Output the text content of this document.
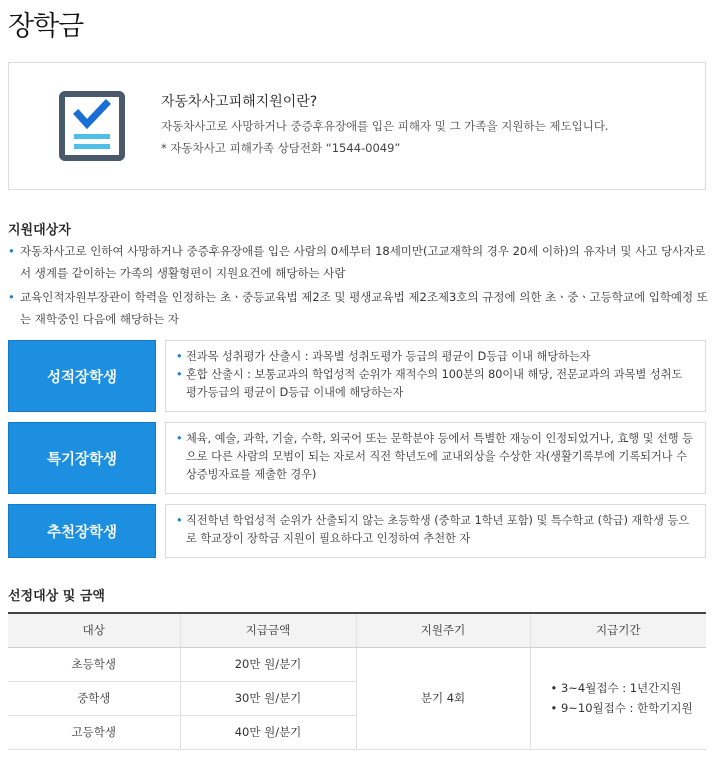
장학금
자동차사고피해지원이란?
자동차사고로 사망하거나 중증후유장애를 입은 피해자 및 그 가족을 지원하는 제도입니다.
* 자동차사고 피해가족 상담전화 “1544-0049”
지원대상자
• 자동차사고로 인하여 사망하거나 중증후유장애를 입은 사람의 0세부터 18세미만(고교재학의 경우 20세 이하)의 유자녀 및 사고 당사자로서 생계를 같이하는 가족의 생활형편이 지원요건에 해당하는 사람
• 교육인적자원부장관이 학력을 인정하는 초ㆍ중등교육법 제2조 및 평생교육법 제2조제3호의 규정에 의한 초ㆍ중ㆍ고등학교에 입학예정 또는 재학중인 다음에 해당하는 자
성적장학생
• 전과목 성취평가 산출시 : 과목별 성취도평가 등급의 평균이 D등급 이내 해당하는자
• 혼합 산출시 : 보통교과의 학업성적 순위가 재적수의 100분의 80이내 해당, 전문교과의 과목별 성취도 평가등급의 평균이 D등급 이내에 해당하는자
특기장학생
• 체육, 예술, 과학, 기술, 수학, 외국어 또는 문학분야 등에서 특별한 재능이 인정되었거나, 효행 및 선행 등으로 다른 사람의 모범이 되는 자로서 직전 학년도에 교내외상을 수상한 자(생활기록부에 기록되거나 수상증빙자료를 제출한 경우)
추천장학생
• 직전학년 학업성적 순위가 산출되지 않는 초등학생 (중학교 1학년 포함) 및 특수학교 (학급) 재학생 등으로 학교장이 장학금 지원이 필요하다고 인정하여 추천한 자
선정대상 및 금액
대상	지급금액	지원주기	지급기간
초등학생	20만 원/분기	분기 4회	• 3~4월접수 : 1년간지원
• 9~10월접수 : 한학기지원

중학생	30만 원/분기		
고등학생	40만 원/분기		
